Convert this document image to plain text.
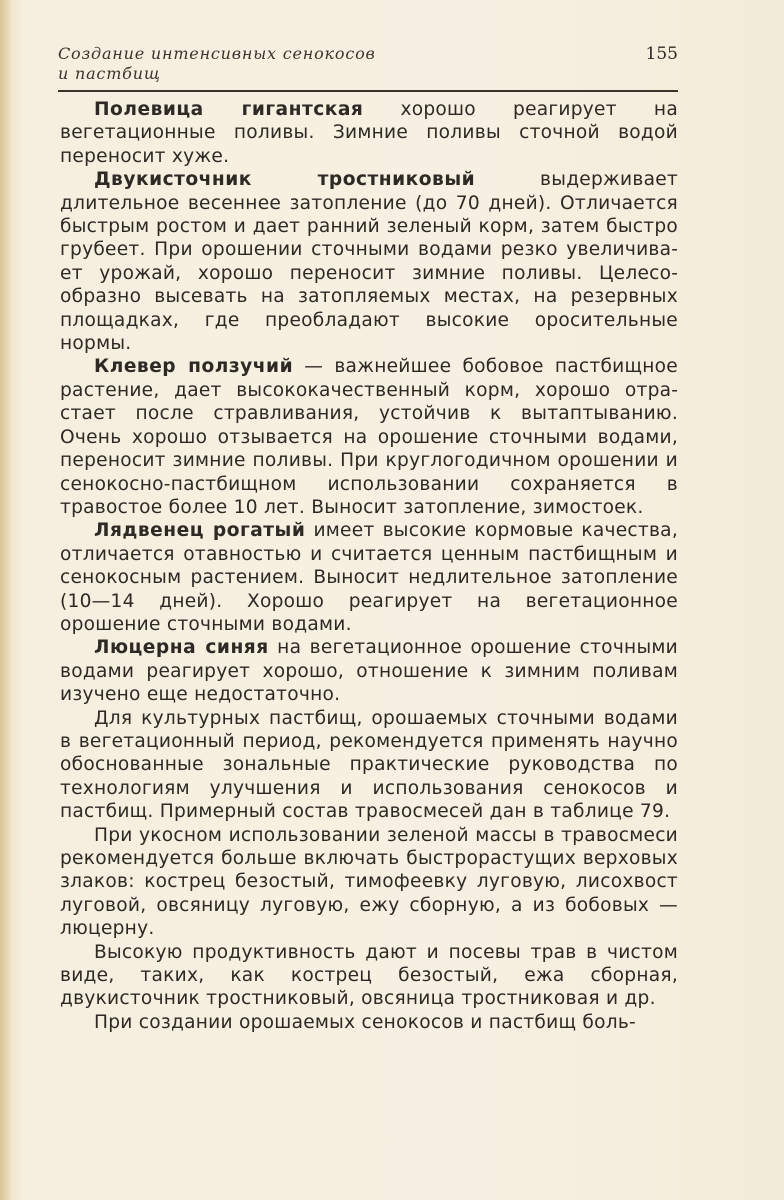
Создание интенсивных сенокосов
и пастбищ
155

Полевица гигантская хорошо реагирует на вегетационные поливы. Зимние поливы сточной водой переносит хуже.

Двукисточник тростниковый выдерживает длительное весеннее затопление (до 70 дней). Отличается быстрым ростом и дает ранний зеленый корм, затем быстро грубеет. При орошении сточными водами резко увеличивает урожай, хорошо переносит зимние поливы. Целесообразно высевать на затопляемых местах, на резервных площадках, где преобладают высокие оросительные нормы.

Клевер ползучий — важнейшее бобовое пастбищное растение, дает высококачественный корм, хорошо отрастает после стравливания, устойчив к вытаптыванию. Очень хорошо отзывается на орошение сточными водами, переносит зимние поливы. При круглогодичном орошении и сенокосно-пастбищном использовании сохраняется в травостое более 10 лет. Выносит затопление, зимостоек.

Лядвенец рогатый имеет высокие кормовые качества, отличается отавностью и считается ценным пастбищным и сенокосным растением. Выносит недлительное затопление (10—14 дней). Хорошо реагирует на вегетационное орошение сточными водами.

Люцерна синяя на вегетационное орошение сточными водами реагирует хорошо, отношение к зимним поливам изучено еще недостаточно.

Для культурных пастбищ, орошаемых сточными водами в вегетационный период, рекомендуется применять научно обоснованные зональные практические руководства по технологиям улучшения и использования сенокосов и пастбищ. Примерный состав травосмесей дан в таблице 79.

При укосном использовании зеленой массы в травосмеси рекомендуется больше включать быстрорастущих верховых злаков: кострец безостый, тимофеевку луговую, лисохвост луговой, овсяницу луговую, ежу сборную, а из бобовых — люцерну.

Высокую продуктивность дают и посевы трав в чистом виде, таких, как кострец безостый, ежа сборная, двукисточник тростниковый, овсяница тростниковая и др.

При создании орошаемых сенокосов и пастбищ боль-
